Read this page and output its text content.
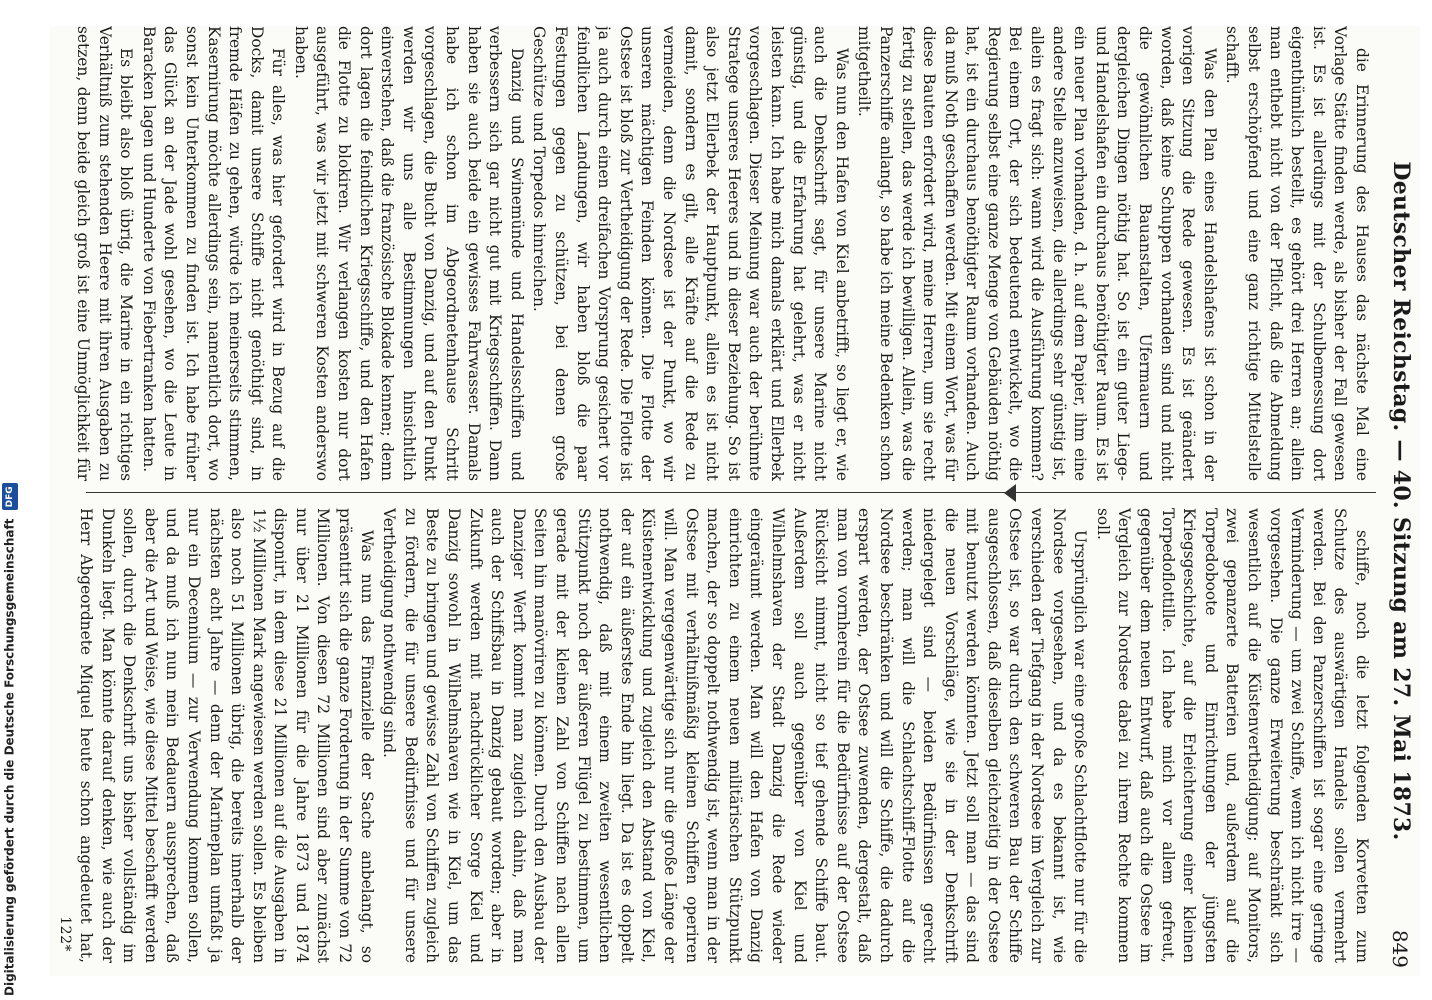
Deutscher Reichstag. — 40. Sitzung am 27. Mai 1873.
849

die Erinnerung des Hauses das nächste Mal eine Vorlage Stätte finden werde, als bisher der Fall gewesen ist. Es ist allerdings mit der Schulbemessung dort eigenthümlich bestellt, es gehört drei Herren an; allein man enthebt nicht von der Pflicht, daß die Abmeldung selbst erschöpfend und eine ganz richtige Mittelstelle schafft.

Was den Plan eines Handelshafens ist schon in der vorigen Sitzung die Rede gewesen. Es ist geändert worden, daß keine Schuppen vorhanden sind und nicht die gewöhnlichen Bauanstalten, Ufermauern und dergleichen Dingen nöthig hat. So ist ein guter Liege- und Handelshafen ein durchaus benöthigter Raum. Es ist ein neuer Plan vorhanden, d. h. auf dem Papier, ihm eine andere Stelle anzuweisen, die allerdings sehr günstig ist, allein es fragt sich: wann wird die Ausführung kommen? Bei einem Ort, der sich bedeutend entwickelt, wo die Regierung selbst eine ganze Menge von Gebäuden nöthig hat, ist ein durchaus benöthigter Raum vorhanden. Auch da muß Noth geschaffen werden. Mit einem Wort, was für diese Bauten erfordert wird, meine Herren, um sie recht fertig zu stellen, das werde ich bewilligen. Allein, was die Panzerschiffe anlangt, so habe ich meine Bedenken schon mitgetheilt.

Was nun den Hafen von Kiel anbetrifft, so liegt er, wie auch die Denkschrift sagt, für unsere Marine nicht günstig, und die Erfahrung hat gelehrt, was er nicht leisten kann. Ich habe mich damals erklärt und Ellerbek vorgeschlagen. Dieser Meinung war auch der berühmte Stratege unseres Heeres und in dieser Beziehung. So ist also jetzt Ellerbek der Hauptpunkt, allein es ist nicht damit, sondern es gilt, alle Kräfte auf die Rede zu vermeiden, denn die Nordsee ist der Punkt, wo wir unseren mächtigen Feinden können. Die Flotte der Ostsee ist bloß zur Vertheidigung der Rede. Die Flotte ist ja auch durch einen dreifachen Vorsprung gesichert vor feindlichen Landungen, wir haben bloß die paar Festungen gegen zu schützen, bei denen große Geschütze und Torpedos hinreichen.

Danzig und Swinemünde und Handelsschiffen und verbessern sich gar nicht gut mit Kriegsschiffen. Dann haben sie auch beide ein gewisses Fahrwasser. Damals habe ich schon im Abgeordnetenhause Schritt vorgeschlagen, die Bucht von Danzig, und auf den Punkt werden wir uns alle Bestimmungen hinsichtlich einverstehen, daß die französische Blokade kennen; denn dort lagen die feindlichen Kriegsschiffe, und den Hafen die Flotte zu blokiren. Wir verlangen kosten nur dort ausgeführt, was wir jetzt mit schweren Kosten anderswo haben.

Für alles, was hier gefordert wird in Bezug auf die Docks, damit unsere Schiffe nicht genöthigt sind, in fremde Häfen zu gehen, würde ich meinerseits stimmen, Kasernirung möchte allerdings sein, namentlich dort, wo sonst kein Unterkommen zu finden ist. Ich habe früher das Glück an der Jade wohl gesehen, wo die Leute in Baracken lagen und Hunderte von Fiebertranken hatten.

Es bleibt also bloß übrig, die Marine in ein richtiges Verhältniß zum stehenden Heere mit ihren Ausgaben zu setzen, denn beide gleich groß ist eine Unmöglichkeit für

schiffe, noch die letzt folgenden Korvetten zum Schutze des auswärtigen Handels sollen vermehrt werden. Bei den Panzerschiffen ist sogar eine geringe Verminderung — um zwei Schiffe, wenn ich nicht irre — vorgesehen. Die ganze Erweiterung beschränkt sich wesentlich auf die Küstenvertheidigung; auf Monitors, zwei gepanzerte Batterien und, außerdem auf die Torpedoboote und Einrichtungen der jüngsten Kriegsgeschichte, auf die Erleichterung einer kleinen Torpedoflottille. Ich habe mich vor allem gefreut, gegenüber dem neuen Entwurf, daß auch die Ostsee im Vergleich zur Nordsee dabei zu ihrem Rechte kommen soll.

Ursprünglich war eine große Schlachtflotte nur für die Nordsee vorgesehen, und da es bekannt ist, wie verschieden der Tiefgang in der Nordsee im Vergleich zur Ostsee ist, so war durch den schweren Bau der Schiffe ausgeschlossen, daß dieselben gleichzeitig in der Ostsee mit benutzt werden könnten. Jetzt soll man — das sind die neuen Vorschläge, wie sie in der Denkschrift niedergelegt sind — beiden Bedürfnissen gerecht werden; man will die Schlachtschiff-Flotte auf die Nordsee beschränken und will die Schiffe, die dadurch erspart werden, der Ostsee zuwenden, dergestalt, daß man von vornherein für die Bedürfnisse auf der Ostsee Rücksicht nimmt, nicht so tief gehende Schiffe baut. Außerdem soll auch gegenüber von Kiel und Wilhelmshaven der Stadt Danzig die Rede wieder eingeräumt werden. Man will den Hafen von Danzig einrichten zu einem neuen militärischen Stützpunkt machen, der so doppelt nothwendig ist, wenn man in der Ostsee mit verhältnißmäßig kleinen Schiffen operiren will. Man vergegenwärtige sich nur die große Länge der Küstenentwicklung und zugleich den Abstand von Kiel, der auf ein äußerstes Ende hin liegt. Da ist es doppelt nothwendig, daß mit einem zweiten wesentlichen Stützpunkt noch der äußeren Flügel zu bestimmen, um gerade mit der kleinen Zahl von Schiffen nach allen Seiten hin manövriren zu können. Durch den Ausbau der Danziger Werft kommt man zugleich dahin, daß man auch der Schiffsbau in Danzig gebaut worden; aber in Zukunft werden mit nachdrücklicher Sorge Kiel und Danzig sowohl in Wilhelmshaven wie in Kiel, um das Beste zu bringen und gewisse Zahl von Schiffen zugleich zu fördern, die für unsere Bedürfnisse und für unsere Vertheidigung nothwendig sind.

Was nun das Finanzielle der Sache anbelangt, so präsentirt sich die ganze Forderung in der Summe von 72 Millionen. Von diesen 72 Millionen sind aber zunächst nur über 21 Millionen für die Jahre 1873 und 1874 disponirt, in dem diese 21 Millionen auf die Ausgaben in 1½ Millionen Mark angewiesen werden sollen. Es bleiben also noch 51 Millionen übrig, die bereits innerhalb der nächsten acht Jahre — denn der Marineplan umfaßt ja nur ein Decennium — zur Verwendung kommen sollen, und da muß ich nun mein Bedauern aussprechen, daß aber die Art und Weise, wie diese Mittel beschafft werden sollen, durch die Denkschrift uns bisher vollständig im Dunkeln liegt. Man könnte darauf denken, wie auch der Herr Abgeordnete Miquel heute schon angedeutet hat,

122*
Digitalisierung gefördert durch die Deutsche Forschungsgemeinschaft DFG
